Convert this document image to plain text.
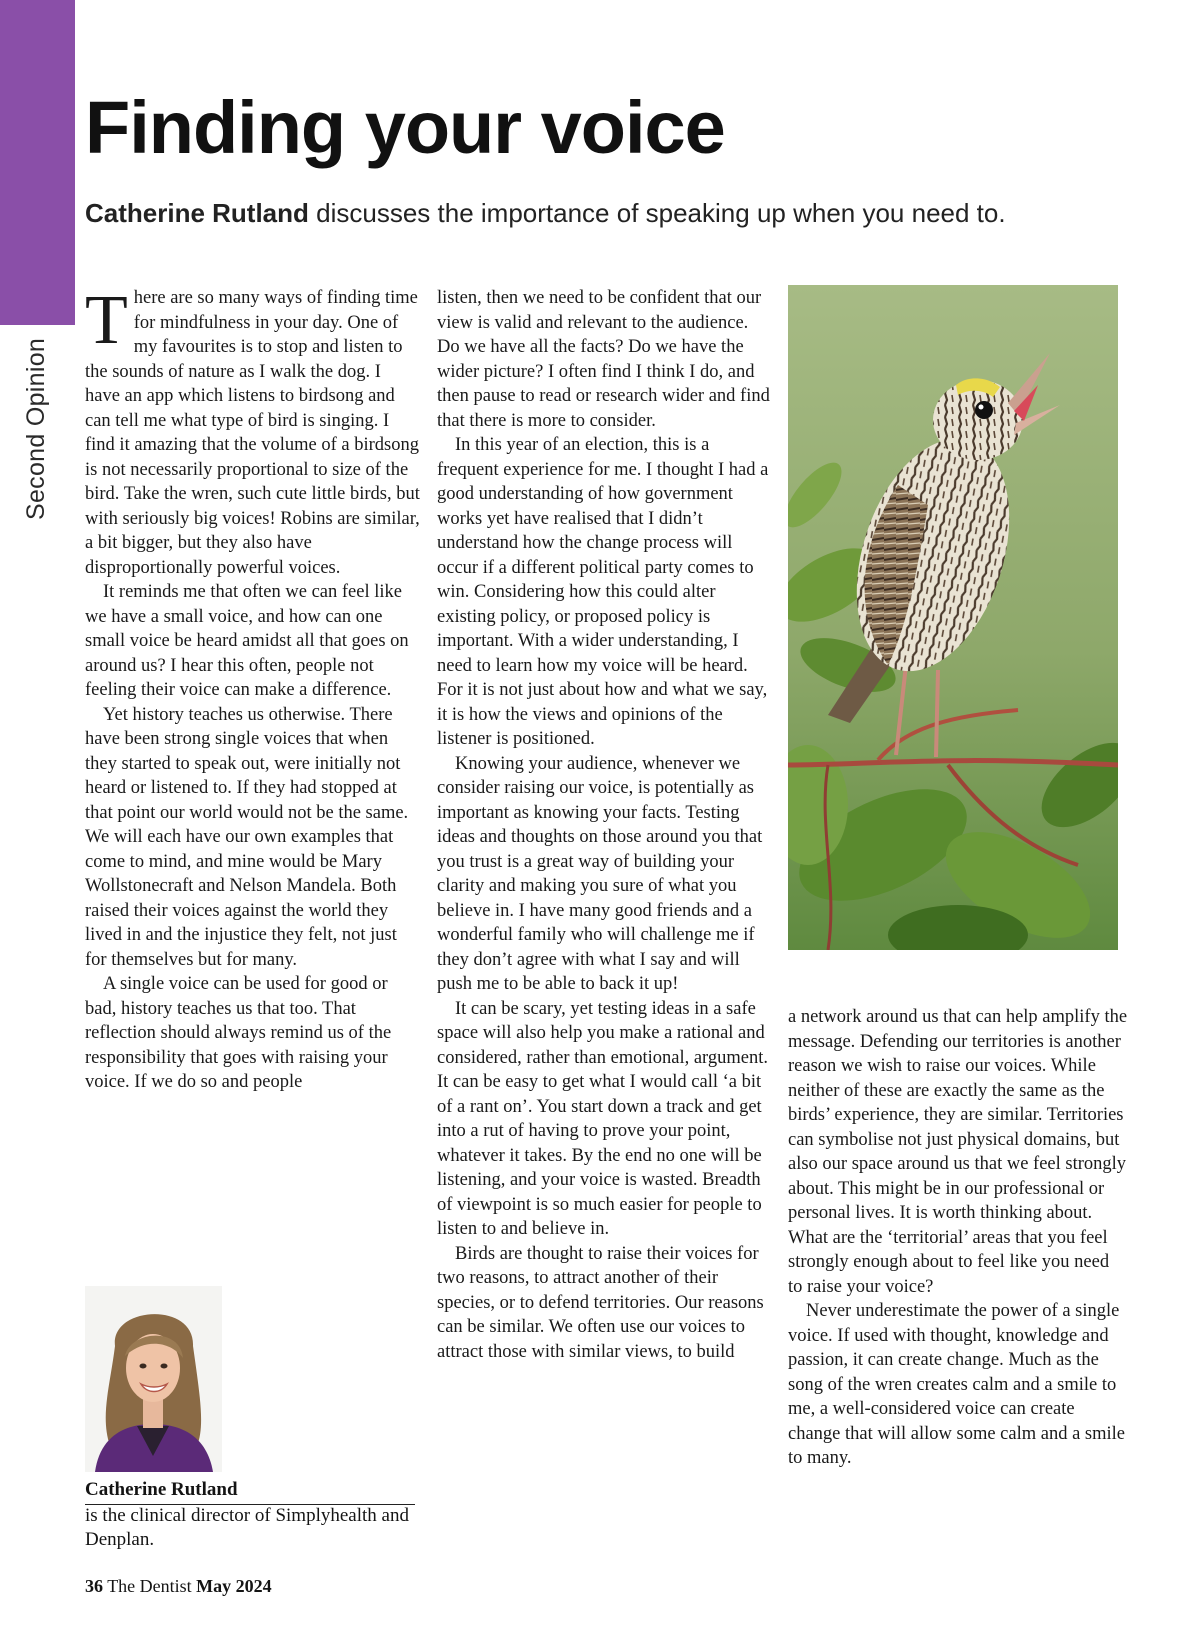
Second Opinion
Finding your voice

Catherine Rutland discusses the importance of speaking up when you need to.

There are so many ways of finding time for mindfulness in your day. One of my favourites is to stop and listen to the sounds of nature as I walk the dog. I have an app which listens to birdsong and can tell me what type of bird is singing. I find it amazing that the volume of a birdsong is not necessarily proportional to size of the bird. Take the wren, such cute little birds, but with seriously big voices! Robins are similar, a bit bigger, but they also have disproportionally powerful voices.

It reminds me that often we can feel like we have a small voice, and how can one small voice be heard amidst all that goes on around us? I hear this often, people not feeling their voice can make a difference.

Yet history teaches us otherwise. There have been strong single voices that when they started to speak out, were initially not heard or listened to. If they had stopped at that point our world would not be the same. We will each have our own examples that come to mind, and mine would be Mary Wollstonecraft and Nelson Mandela. Both raised their voices against the world they lived in and the injustice they felt, not just for themselves but for many.

A single voice can be used for good or bad, history teaches us that too. That reflection should always remind us of the responsibility that goes with raising your voice. If we do so and people

listen, then we need to be confident that our view is valid and relevant to the audience. Do we have all the facts? Do we have the wider picture? I often find I think I do, and then pause to read or research wider and find that there is more to consider.

In this year of an election, this is a frequent experience for me. I thought I had a good understanding of how government works yet have realised that I didn’t understand how the change process will occur if a different political party comes to win. Considering how this could alter existing policy, or proposed policy is important. With a wider understanding, I need to learn how my voice will be heard. For it is not just about how and what we say, it is how the views and opinions of the listener is positioned.

Knowing your audience, whenever we consider raising our voice, is potentially as important as knowing your facts. Testing ideas and thoughts on those around you that you trust is a great way of building your clarity and making you sure of what you believe in. I have many good friends and a wonderful family who will challenge me if they don’t agree with what I say and will push me to be able to back it up!

It can be scary, yet testing ideas in a safe space will also help you make a rational and considered, rather than emotional, argument. It can be easy to get what I would call ‘a bit of a rant on’. You start down a track and get into a rut of having to prove your point, whatever it takes. By the end no one will be listening, and your voice is wasted. Breadth of viewpoint is so much easier for people to listen to and believe in.

Birds are thought to raise their voices for two reasons, to attract another of their species, or to defend territories. Our reasons can be similar. We often use our voices to attract those with similar views, to build

a network around us that can help amplify the message. Defending our territories is another reason we wish to raise our voices. While neither of these are exactly the same as the birds’ experience, they are similar. Territories can symbolise not just physical domains, but also our space around us that we feel strongly about. This might be in our professional or personal lives. It is worth thinking about. What are the ‘territorial’ areas that you feel strongly enough about to feel like you need to raise your voice?

Never underestimate the power of a single voice. If used with thought, knowledge and passion, it can create change. Much as the song of the wren creates calm and a smile to me, a well-considered voice can create change that will allow some calm and a smile to many.

Catherine Rutland
is the clinical director of Simplyhealth and Denplan.
36 The Dentist May 2024
